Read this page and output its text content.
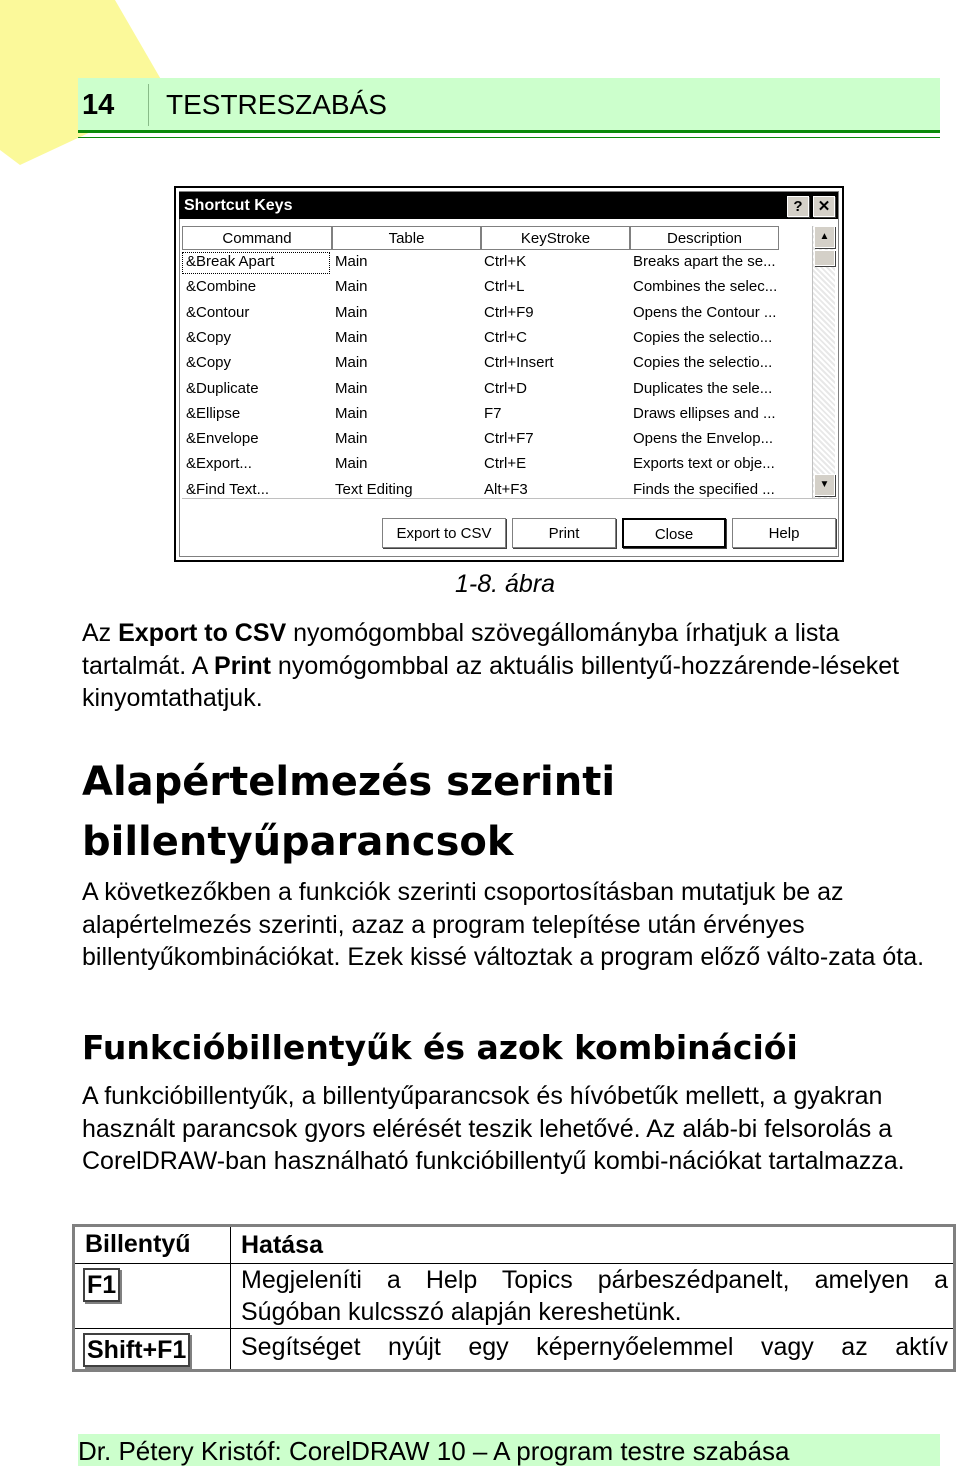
14	TESTRESZABÁS
Shortcut Keys	?	✕
Command	Table	KeyStroke	Description
&Break Apart	Main	Ctrl+K	Breaks apart the se...
&Combine	Main	Ctrl+L	Combines the selec...
&Contour	Main	Ctrl+F9	Opens the Contour ...
&Copy	Main	Ctrl+C	Copies the selectio...
&Copy	Main	Ctrl+Insert	Copies the selectio...
&Duplicate	Main	Ctrl+D	Duplicates the sele...
&Ellipse	Main	F7	Draws ellipses and ...
&Envelope	Main	Ctrl+F7	Opens the Envelop...
&Export...	Main	Ctrl+E	Exports text or obje...
&Find Text...	Text Editing	Alt+F3	Finds the specified ...
▲
▼
Export to CSV	Print	Close	Help
1-8. ábra
Az Export to CSV nyomógombbal szövegállományba írhatjuk a lista tartalmát. A Print nyomógombbal az aktuális billentyű-hozzárende-léseket kinyomtathatjuk.
Alapértelmezés szerinti billentyűparancsok
A következőkben a funkciók szerinti csoportosításban mutatjuk be az alapértelmezés szerinti, azaz a program telepítése után érvényes billentyűkombinációkat. Ezek kissé változtak a program előző válto-zata óta.
Funkcióbillentyűk és azok kombinációi
A funkcióbillentyűk, a billentyűparancsok és hívóbetűk mellett, a gyakran használt parancsok gyors elérését teszik lehetővé. Az aláb-bi felsorolás a CorelDRAW-ban használható funkcióbillentyű kombi-nációkat tartalmazza.
Billentyű Hatása
F1	Megjeleníti a Help Topics párbeszédpanelt, amelyen a
Súgóban kulcsszó alapján kereshetünk.
Shift+F1 Segítséget nyújt egy képernyőelemmel vagy az aktív
Dr. Pétery Kristóf: CorelDRAW 10 – A program testre szabása
